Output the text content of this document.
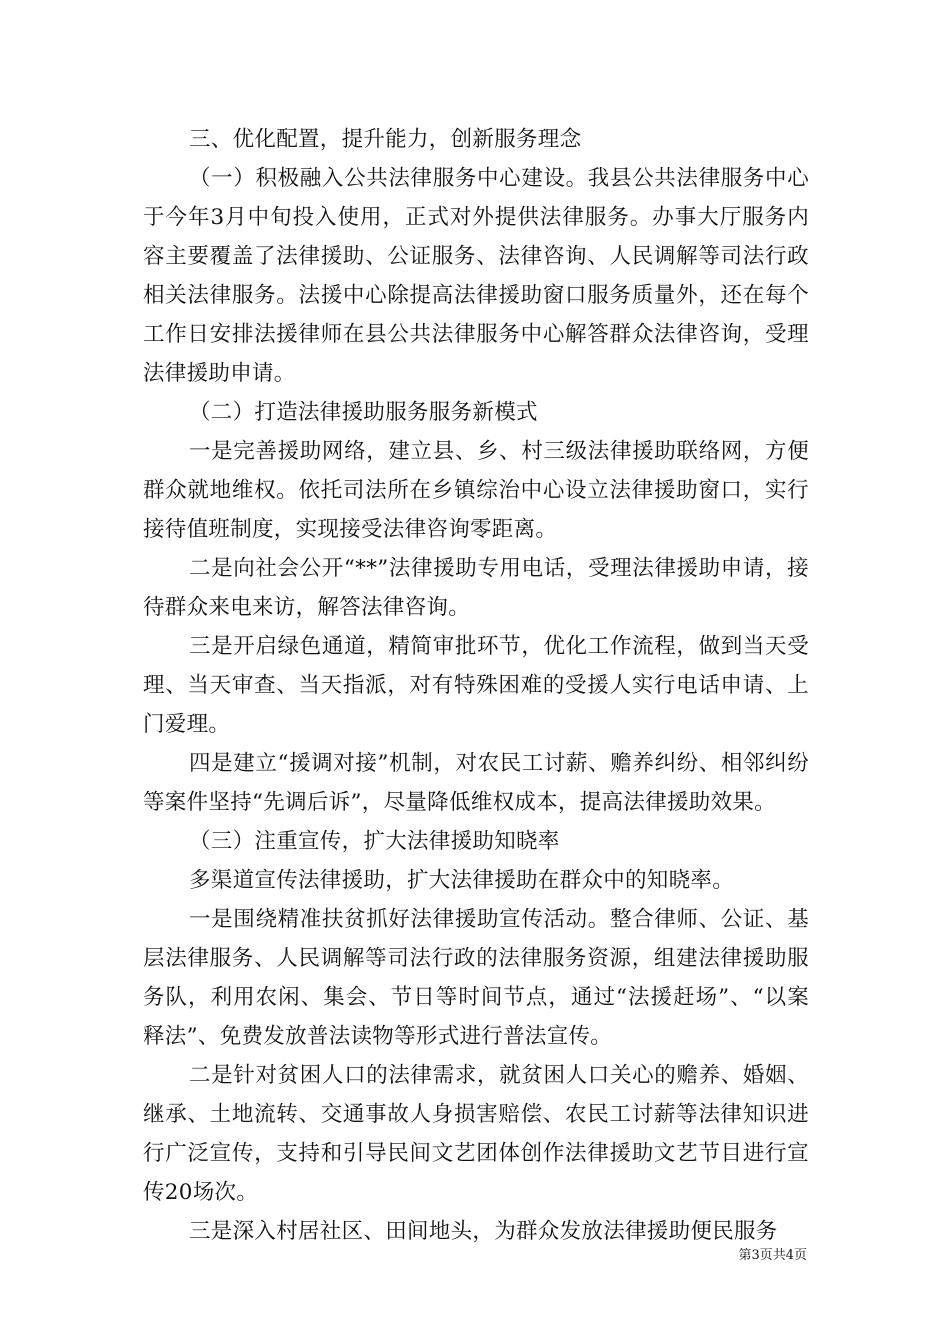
三、优化配置，提升能力，创新服务理念

（一）积极融入公共法律服务中心建设。我县公共法律服务中心于今年3月中旬投入使用，正式对外提供法律服务。办事大厅服务内容主要覆盖了法律援助、公证服务、法律咨询、人民调解等司法行政相关法律服务。法援中心除提高法律援助窗口服务质量外，还在每个工作日安排法援律师在县公共法律服务中心解答群众法律咨询，受理法律援助申请。

（二）打造法律援助服务服务新模式

一是完善援助网络，建立县、乡、村三级法律援助联络网，方便群众就地维权。依托司法所在乡镇综治中心设立法律援助窗口，实行接待值班制度，实现接受法律咨询零距离。

二是向社会公开“**”法律援助专用电话，受理法律援助申请，接待群众来电来访，解答法律咨询。

三是开启绿色通道，精简审批环节，优化工作流程，做到当天受理、当天审查、当天指派，对有特殊困难的受援人实行电话申请、上门爱理。

四是建立“援调对接”机制，对农民工讨薪、赡养纠纷、相邻纠纷等案件坚持“先调后诉”，尽量降低维权成本，提高法律援助效果。

（三）注重宣传，扩大法律援助知晓率

多渠道宣传法律援助，扩大法律援助在群众中的知晓率。

一是围绕精准扶贫抓好法律援助宣传活动。整合律师、公证、基层法律服务、人民调解等司法行政的法律服务资源，组建法律援助服务队，利用农闲、集会、节日等时间节点，通过“法援赶场”、“以案释法”、免费发放普法读物等形式进行普法宣传。

二是针对贫困人口的法律需求，就贫困人口关心的赡养、婚姻、继承、土地流转、交通事故人身损害赔偿、农民工讨薪等法律知识进行广泛宣传，支持和引导民间文艺团体创作法律援助文艺节目进行宣传20场次。

三是深入村居社区、田间地头，为群众发放法律援助便民服务

第3页共4页
